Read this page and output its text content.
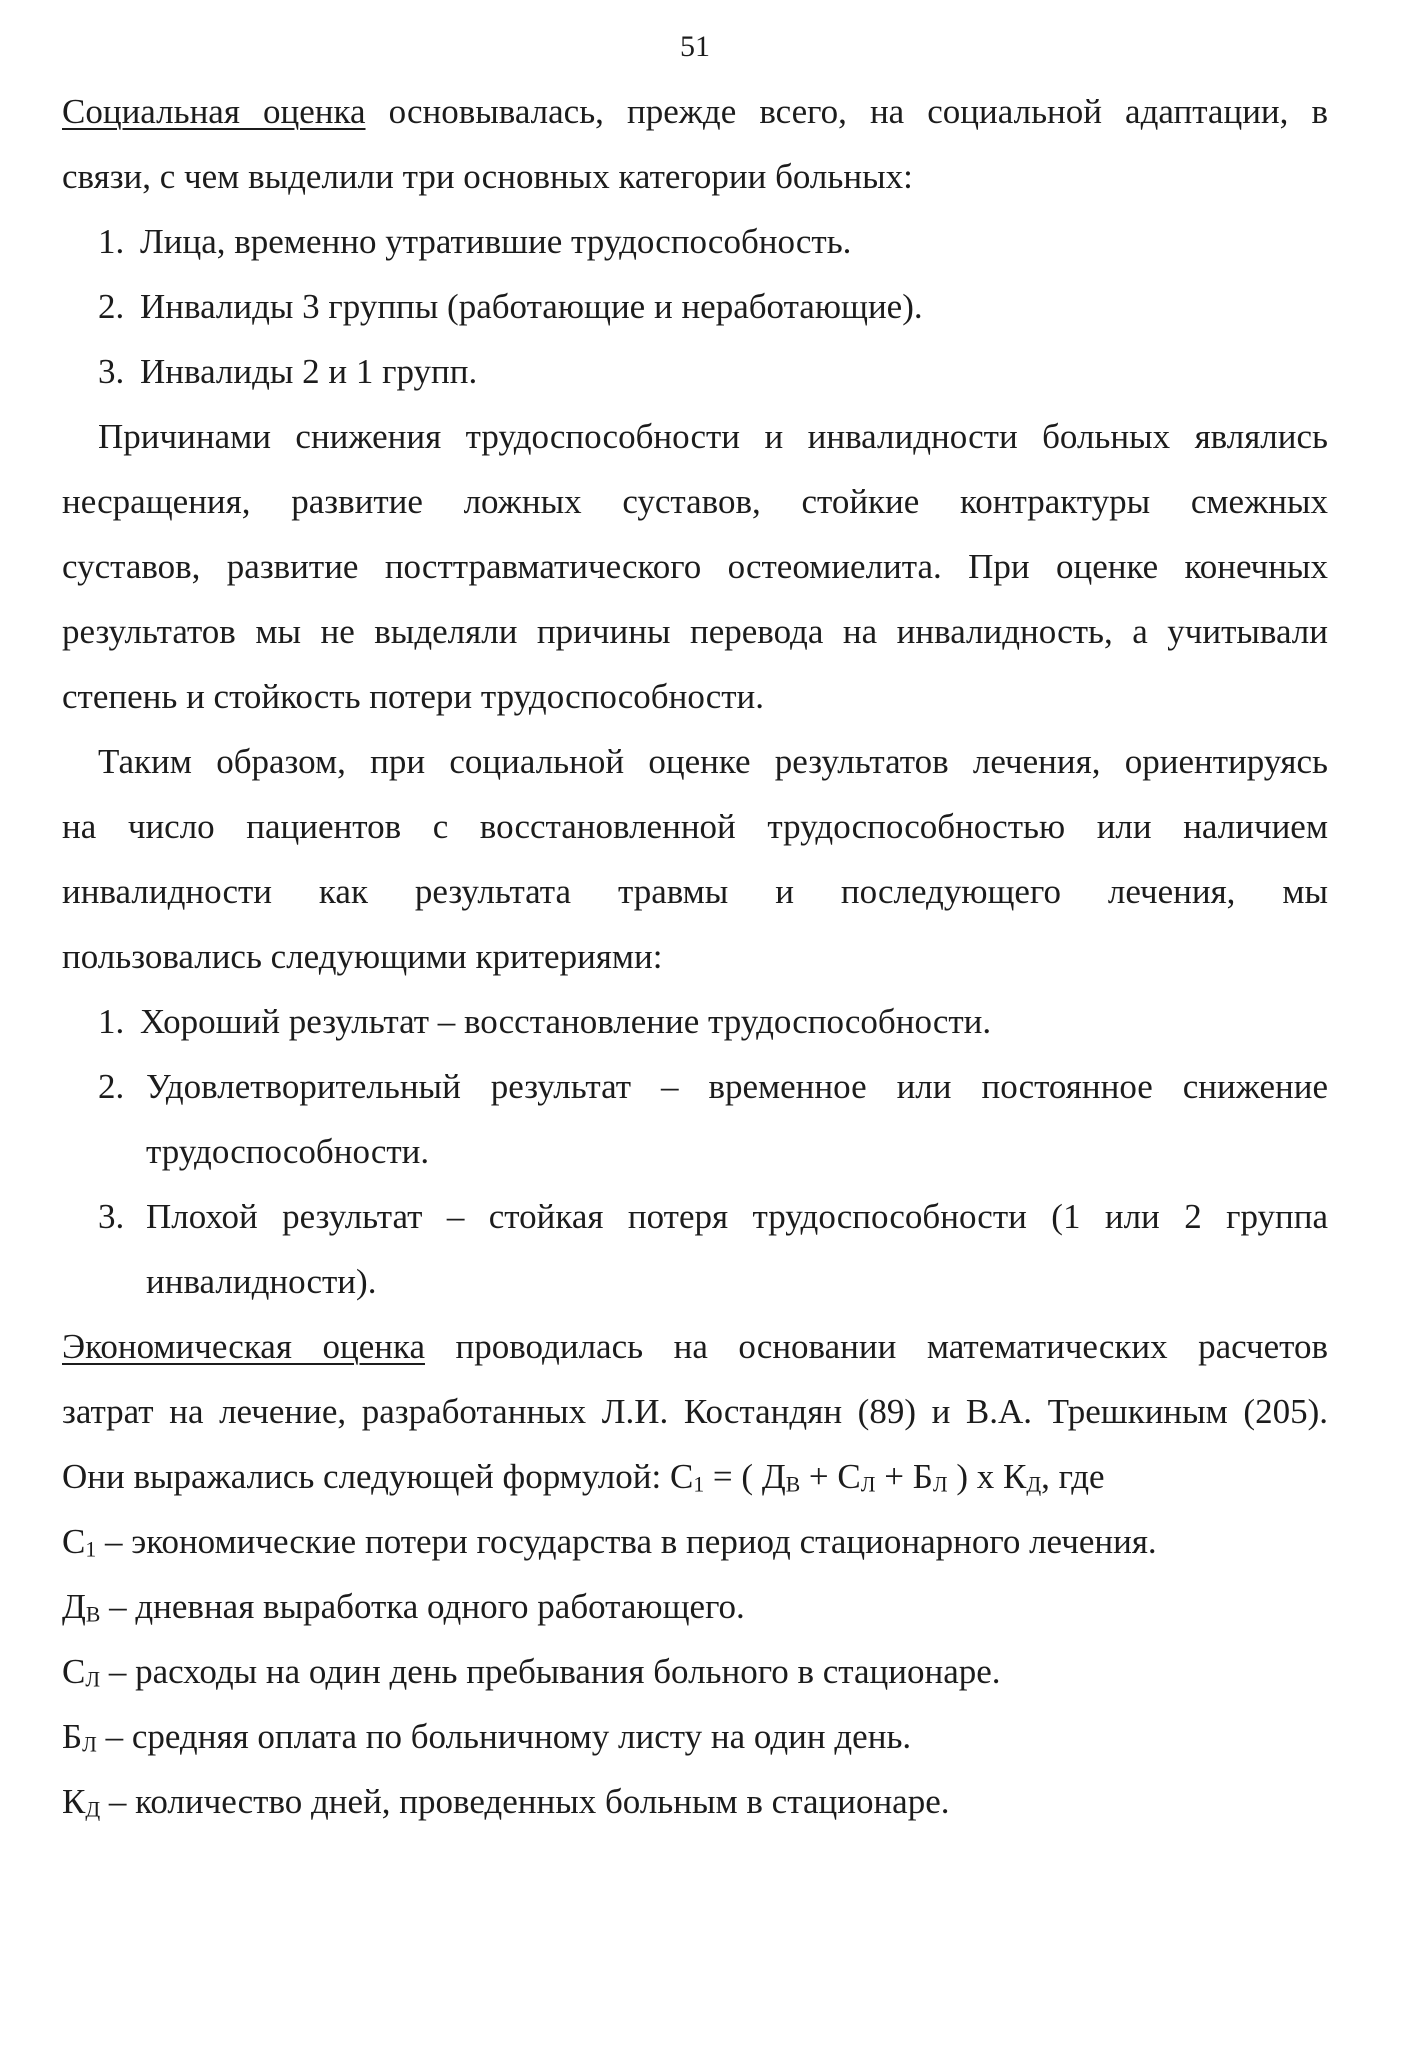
51
Социальная оценка основывалась, прежде всего, на социальной адаптации, в
связи, с чем выделили три основных категории больных:
1. Лица, временно утратившие трудоспособность.
2. Инвалиды 3 группы (работающие и неработающие).
3. Инвалиды 2 и 1 групп.
Причинами снижения трудоспособности и инвалидности больных являлись
несращения, развитие ложных суставов, стойкие контрактуры смежных
суставов, развитие посттравматического остеомиелита. При оценке конечных
результатов мы не выделяли причины перевода на инвалидность, а учитывали
степень и стойкость потери трудоспособности.
Таким образом, при социальной оценке результатов лечения, ориентируясь
на число пациентов с восстановленной трудоспособностью или наличием
инвалидности как результата травмы и последующего лечения, мы
пользовались следующими критериями:
1. Хороший результат – восстановление трудоспособности.
2. Удовлетворительный результат – временное или постоянное снижение
трудоспособности.
3. Плохой результат – стойкая потеря трудоспособности (1 или 2 группа
инвалидности).
Экономическая оценка проводилась на основании математических расчетов
затрат на лечение, разработанных Л.И. Костандян (89) и В.А. Трешкиным (205).
Они выражались следующей формулой: С1 = ( ДВ + СЛ + БЛ ) x КД, где
С1 – экономические потери государства в период стационарного лечения.
ДВ – дневная выработка одного работающего.
СЛ – расходы на один день пребывания больного в стационаре.
БЛ – средняя оплата по больничному листу на один день.
КД – количество дней, проведенных больным в стационаре.
